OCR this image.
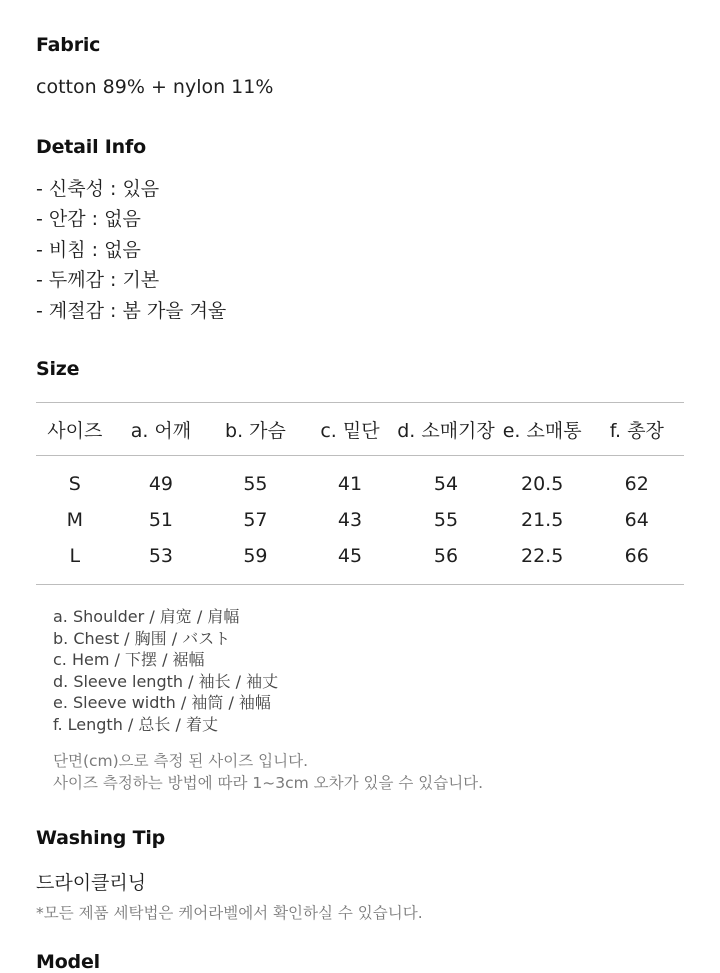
Fabric
cotton 89% + nylon 11%
Detail Info
- 신축성 : 있음
- 안감 : 없음
- 비침 : 없음
- 두께감 : 기본
- 계절감 : 봄 가을 겨울
Size
사이즈	a. 어깨	b. 가슴	c. 밑단	d. 소매기장	e. 소매통	f. 총장
S	49	55	41	54	20.5	62
M	51	57	43	55	21.5	64
L	53	59	45	56	22.5	66
a. Shoulder / 肩宽 / 肩幅
b. Chest / 胸围 / バスト
c. Hem / 下摆 / 裾幅
d. Sleeve length / 袖长 / 袖丈
e. Sleeve width / 袖筒 / 袖幅
f. Length / 总长 / 着丈
단면(cm)으로 측정 된 사이즈 입니다.
사이즈 측정하는 방법에 따라 1~3cm 오차가 있을 수 있습니다.
Washing Tip
드라이클리닝
*모든 제품 세탁법은 케어라벨에서 확인하실 수 있습니다.
Model
